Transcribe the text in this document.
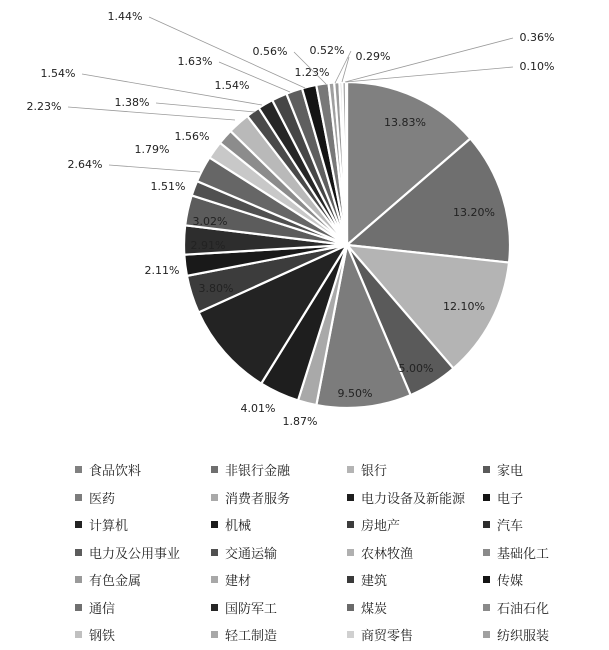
13.83%
13.20%
12.10%
5.00%
9.50%
1.87%
4.01%
3.80%
2.11%
2.91%
3.02%
1.51%
2.64%
1.79%
1.56%
2.23%	1.38%
1.54%
1.54%
1.63%
1.44%
1.23%
0.56% 0.52% 0.29%
0.36%
0.10%
食品饮料	非银行金融	银行	家电
医药	消费者服务	电力设备及新能源 电子
计算机	机械	房地产	汽车
电力及公用事业	交通运输	农林牧渔	基础化工
有色金属	建材	建筑	传媒
通信	国防军工	煤炭	石油石化
钢铁	轻工制造	商贸零售	纺织服装
